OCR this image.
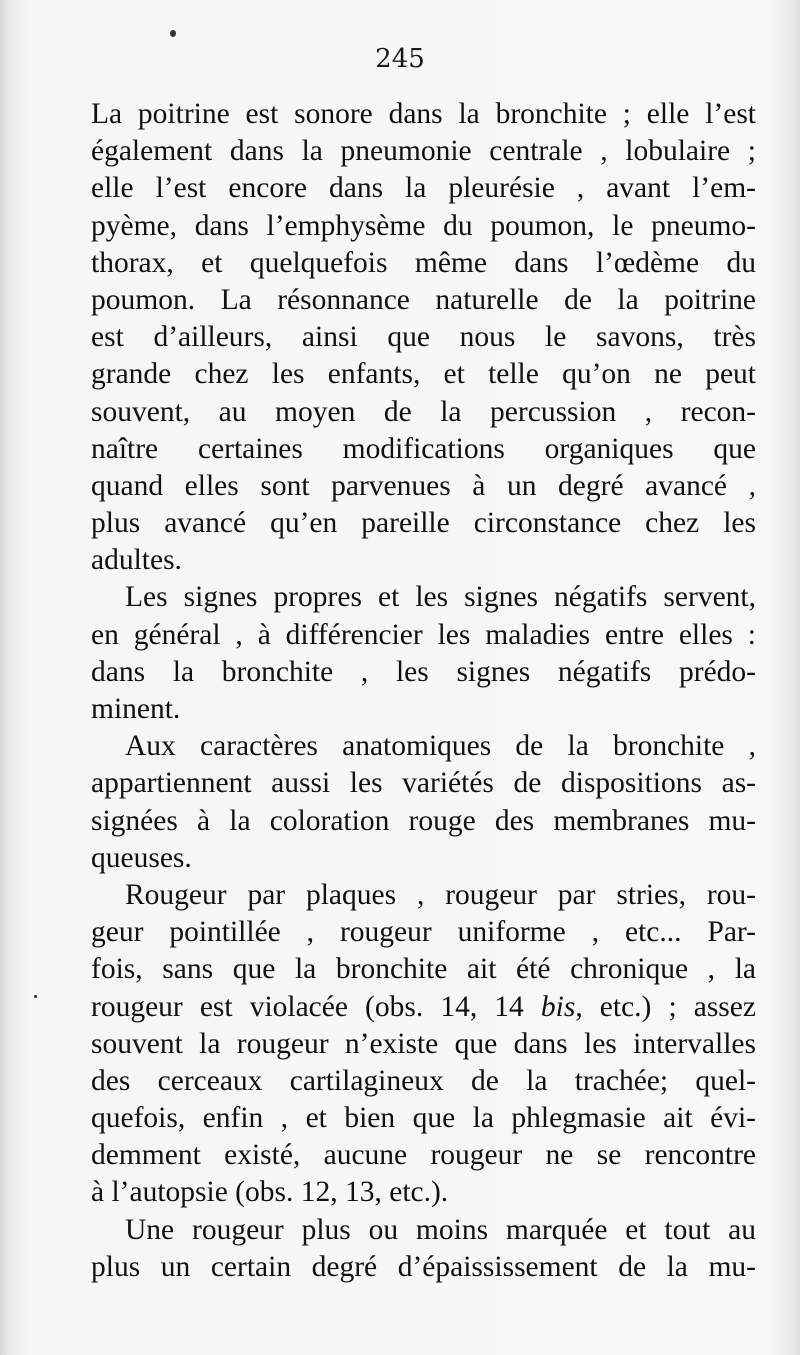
245

La poitrine est sonore dans la bronchite ; elle l’est
également dans la pneumonie centrale , lobulaire ;
elle l’est encore dans la pleurésie , avant l’em-
pyème, dans l’emphysème du poumon, le pneumo-
thorax, et quelquefois même dans l’œdème du
poumon. La résonnance naturelle de la poitrine
est d’ailleurs, ainsi que nous le savons, très
grande chez les enfants, et telle qu’on ne peut
souvent, au moyen de la percussion , recon-
naître certaines modifications organiques que
quand elles sont parvenues à un degré avancé ,
plus avancé qu’en pareille circonstance chez les
adultes.
Les signes propres et les signes négatifs servent,
en général , à différencier les maladies entre elles :
dans la bronchite , les signes négatifs prédo-
minent.
Aux caractères anatomiques de la bronchite ,
appartiennent aussi les variétés de dispositions as-
signées à la coloration rouge des membranes mu-
queuses.
Rougeur par plaques , rougeur par stries, rou-
geur pointillée , rougeur uniforme , etc... Par-
fois, sans que la bronchite ait été chronique , la
rougeur est violacée (obs. 14, 14 bis, etc.) ; assez
souvent la rougeur n’existe que dans les intervalles
des cerceaux cartilagineux de la trachée; quel-
quefois, enfin , et bien que la phlegmasie ait évi-
demment existé, aucune rougeur ne se rencontre
à l’autopsie (obs. 12, 13, etc.).
Une rougeur plus ou moins marquée et tout au
plus un certain degré d’épaississement de la mu-
